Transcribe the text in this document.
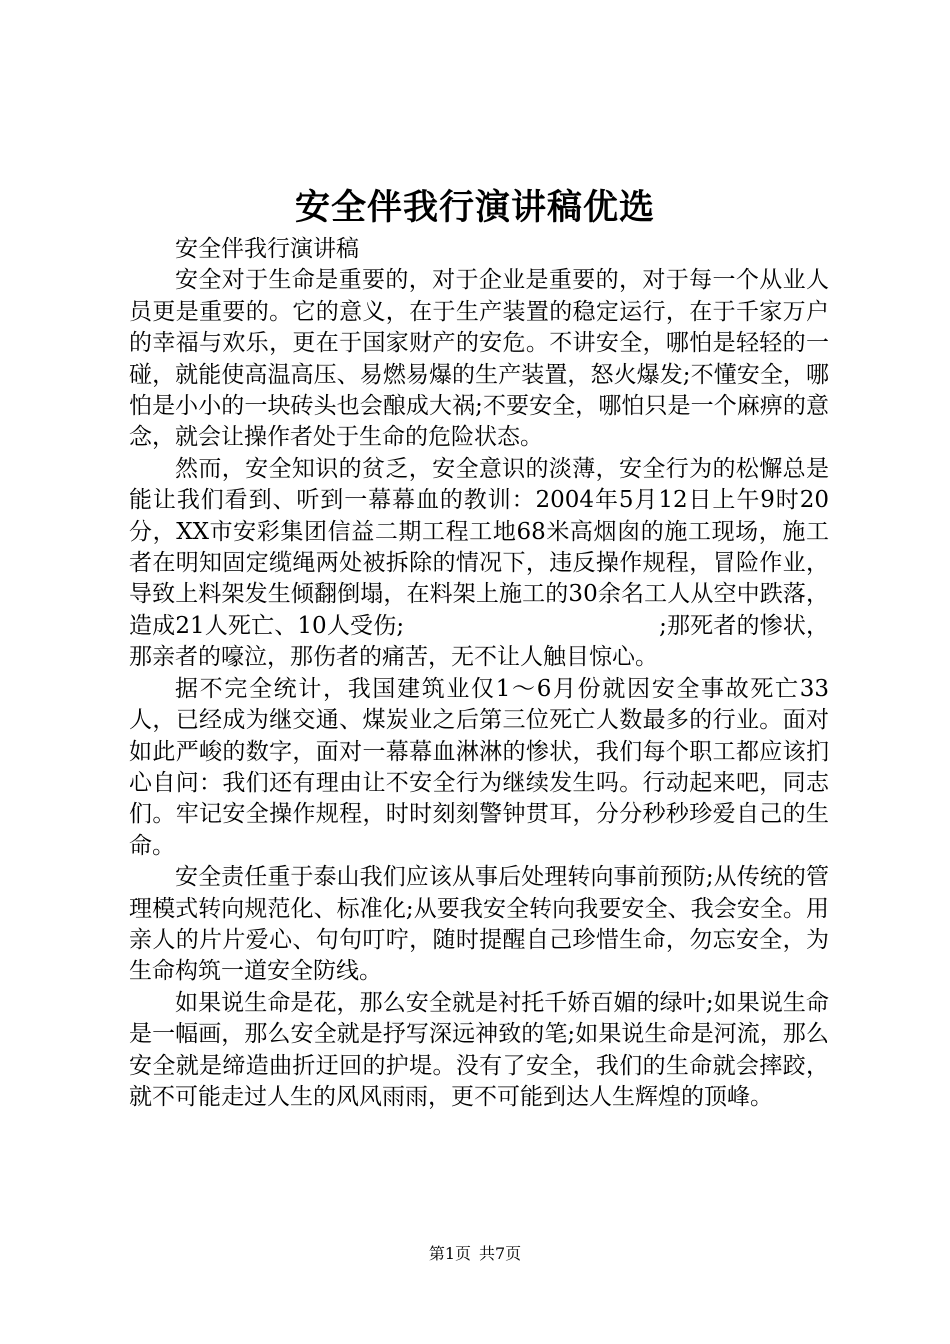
安全伴我行演讲稿优选

安全伴我行演讲稿

安全对于生命是重要的，对于企业是重要的，对于每一个从业人员更是重要的。它的意义，在于生产装置的稳定运行，在于千家万户的幸福与欢乐，更在于国家财产的安危。不讲安全，哪怕是轻轻的一碰，就能使高温高压、易燃易爆的生产装置，怒火爆发;不懂安全，哪怕是小小的一块砖头也会酿成大祸;不要安全，哪怕只是一个麻痹的意念，就会让操作者处于生命的危险状态。

然而，安全知识的贫乏，安全意识的淡薄，安全行为的松懈总是能让我们看到、听到一幕幕血的教训：2004年5月12日上午9时20分，XX市安彩集团信益二期工程工地68米高烟囱的施工现场，施工者在明知固定缆绳两处被拆除的情况下，违反操作规程，冒险作业，导致上料架发生倾翻倒塌，在料架上施工的30余名工人从空中跌落，造成21人死亡、10人受伤;　　　　　　　　　　　;那死者的惨状，那亲者的嚎泣，那伤者的痛苦，无不让人触目惊心。

据不完全统计，我国建筑业仅1～6月份就因安全事故死亡33人，已经成为继交通、煤炭业之后第三位死亡人数最多的行业。面对如此严峻的数字，面对一幕幕血淋淋的惨状，我们每个职工都应该扪心自问：我们还有理由让不安全行为继续发生吗。行动起来吧，同志们。牢记安全操作规程，时时刻刻警钟贯耳，分分秒秒珍爱自己的生命。

安全责任重于泰山我们应该从事后处理转向事前预防;从传统的管理模式转向规范化、标准化;从要我安全转向我要安全、我会安全。用亲人的片片爱心、句句叮咛，随时提醒自己珍惜生命，勿忘安全，为生命构筑一道安全防线。

如果说生命是花，那么安全就是衬托千娇百媚的绿叶;如果说生命是一幅画，那么安全就是抒写深远神致的笔;如果说生命是河流，那么安全就是缔造曲折迂回的护堤。没有了安全，我们的生命就会摔跤，就不可能走过人生的风风雨雨，更不可能到达人生辉煌的顶峰。

第1页 共7页
